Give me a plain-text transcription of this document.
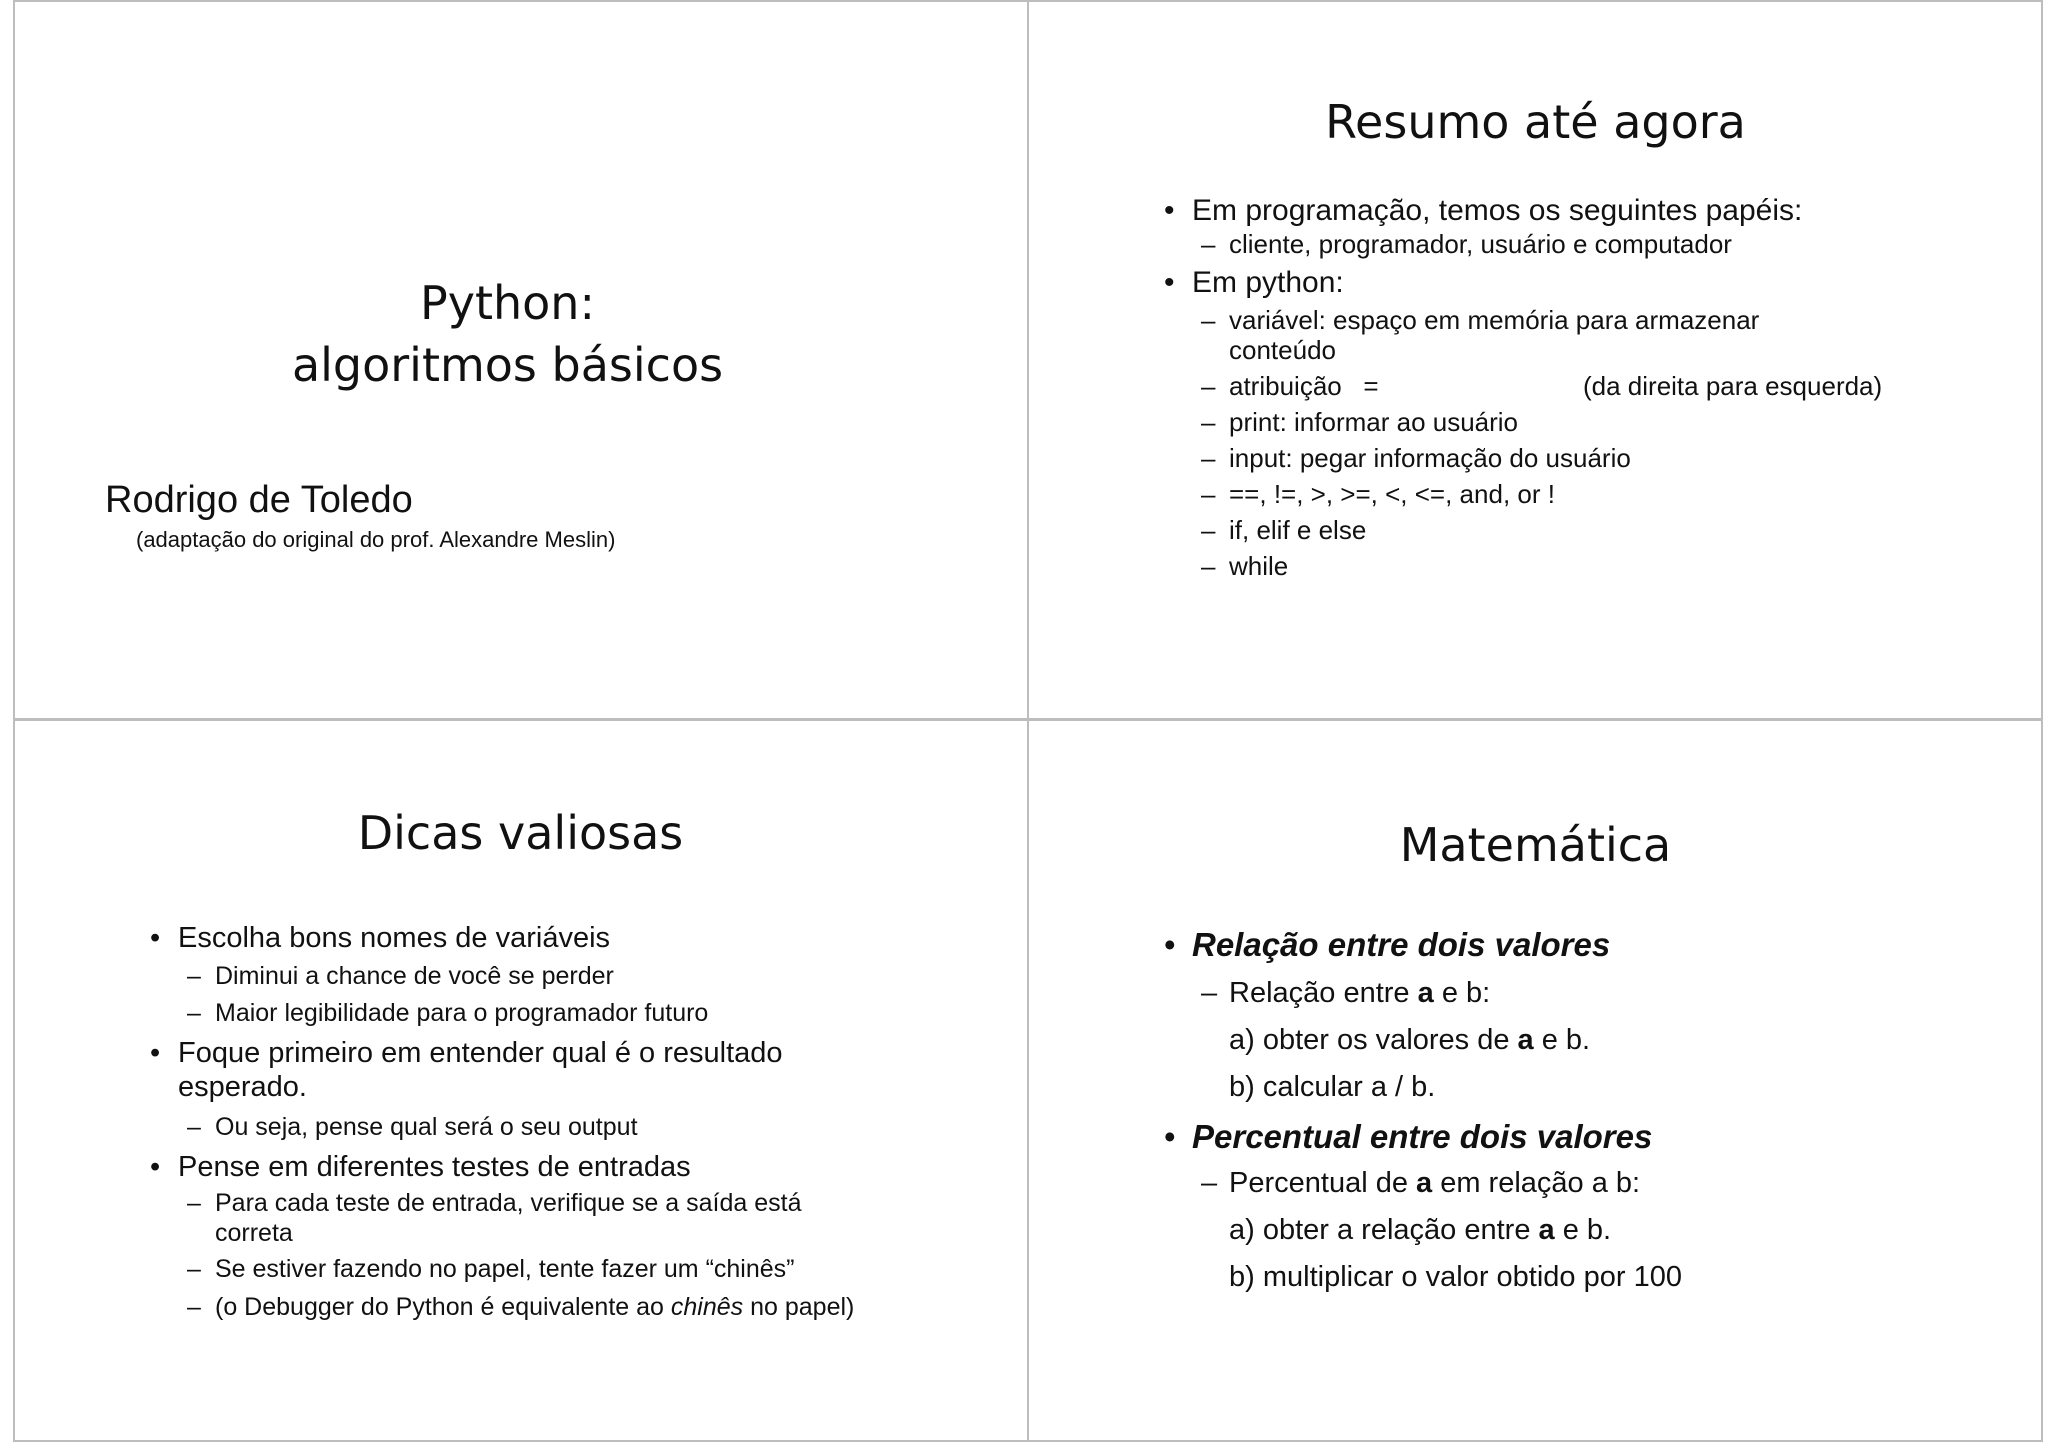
Python:
algoritmos básicos
Rodrigo de Toledo
(adaptação do original do prof. Alexandre Meslin)
Resumo até agora
• Em programação, temos os seguintes papéis:
– cliente, programador, usuário e computador
• Em python:
– variável: espaço em memória para armazenar
conteúdo
– atribuição   =	(da direita para esquerda)
– print: informar ao usuário
– input: pegar informação do usuário
– ==, !=, >, >=, <, <=, and, or !
– if, elif e else
– while
Dicas valiosas
• Escolha bons nomes de variáveis
– Diminui a chance de você se perder
– Maior legibilidade para o programador futuro
• Foque primeiro em entender qual é o resultado
esperado.
– Ou seja, pense qual será o seu output
• Pense em diferentes testes de entradas
– Para cada teste de entrada, verifique se a saída está
correta
– Se estiver fazendo no papel, tente fazer um “chinês”
– (o Debugger do Python é equivalente ao chinês no papel)
Matemática
• Relação entre dois valores
– Relação entre a e b:
a) obter os valores de a e b.
b) calcular a / b.
• Percentual entre dois valores
– Percentual de a em relação a b:
a) obter a relação entre a e b.
b) multiplicar o valor obtido por 100
